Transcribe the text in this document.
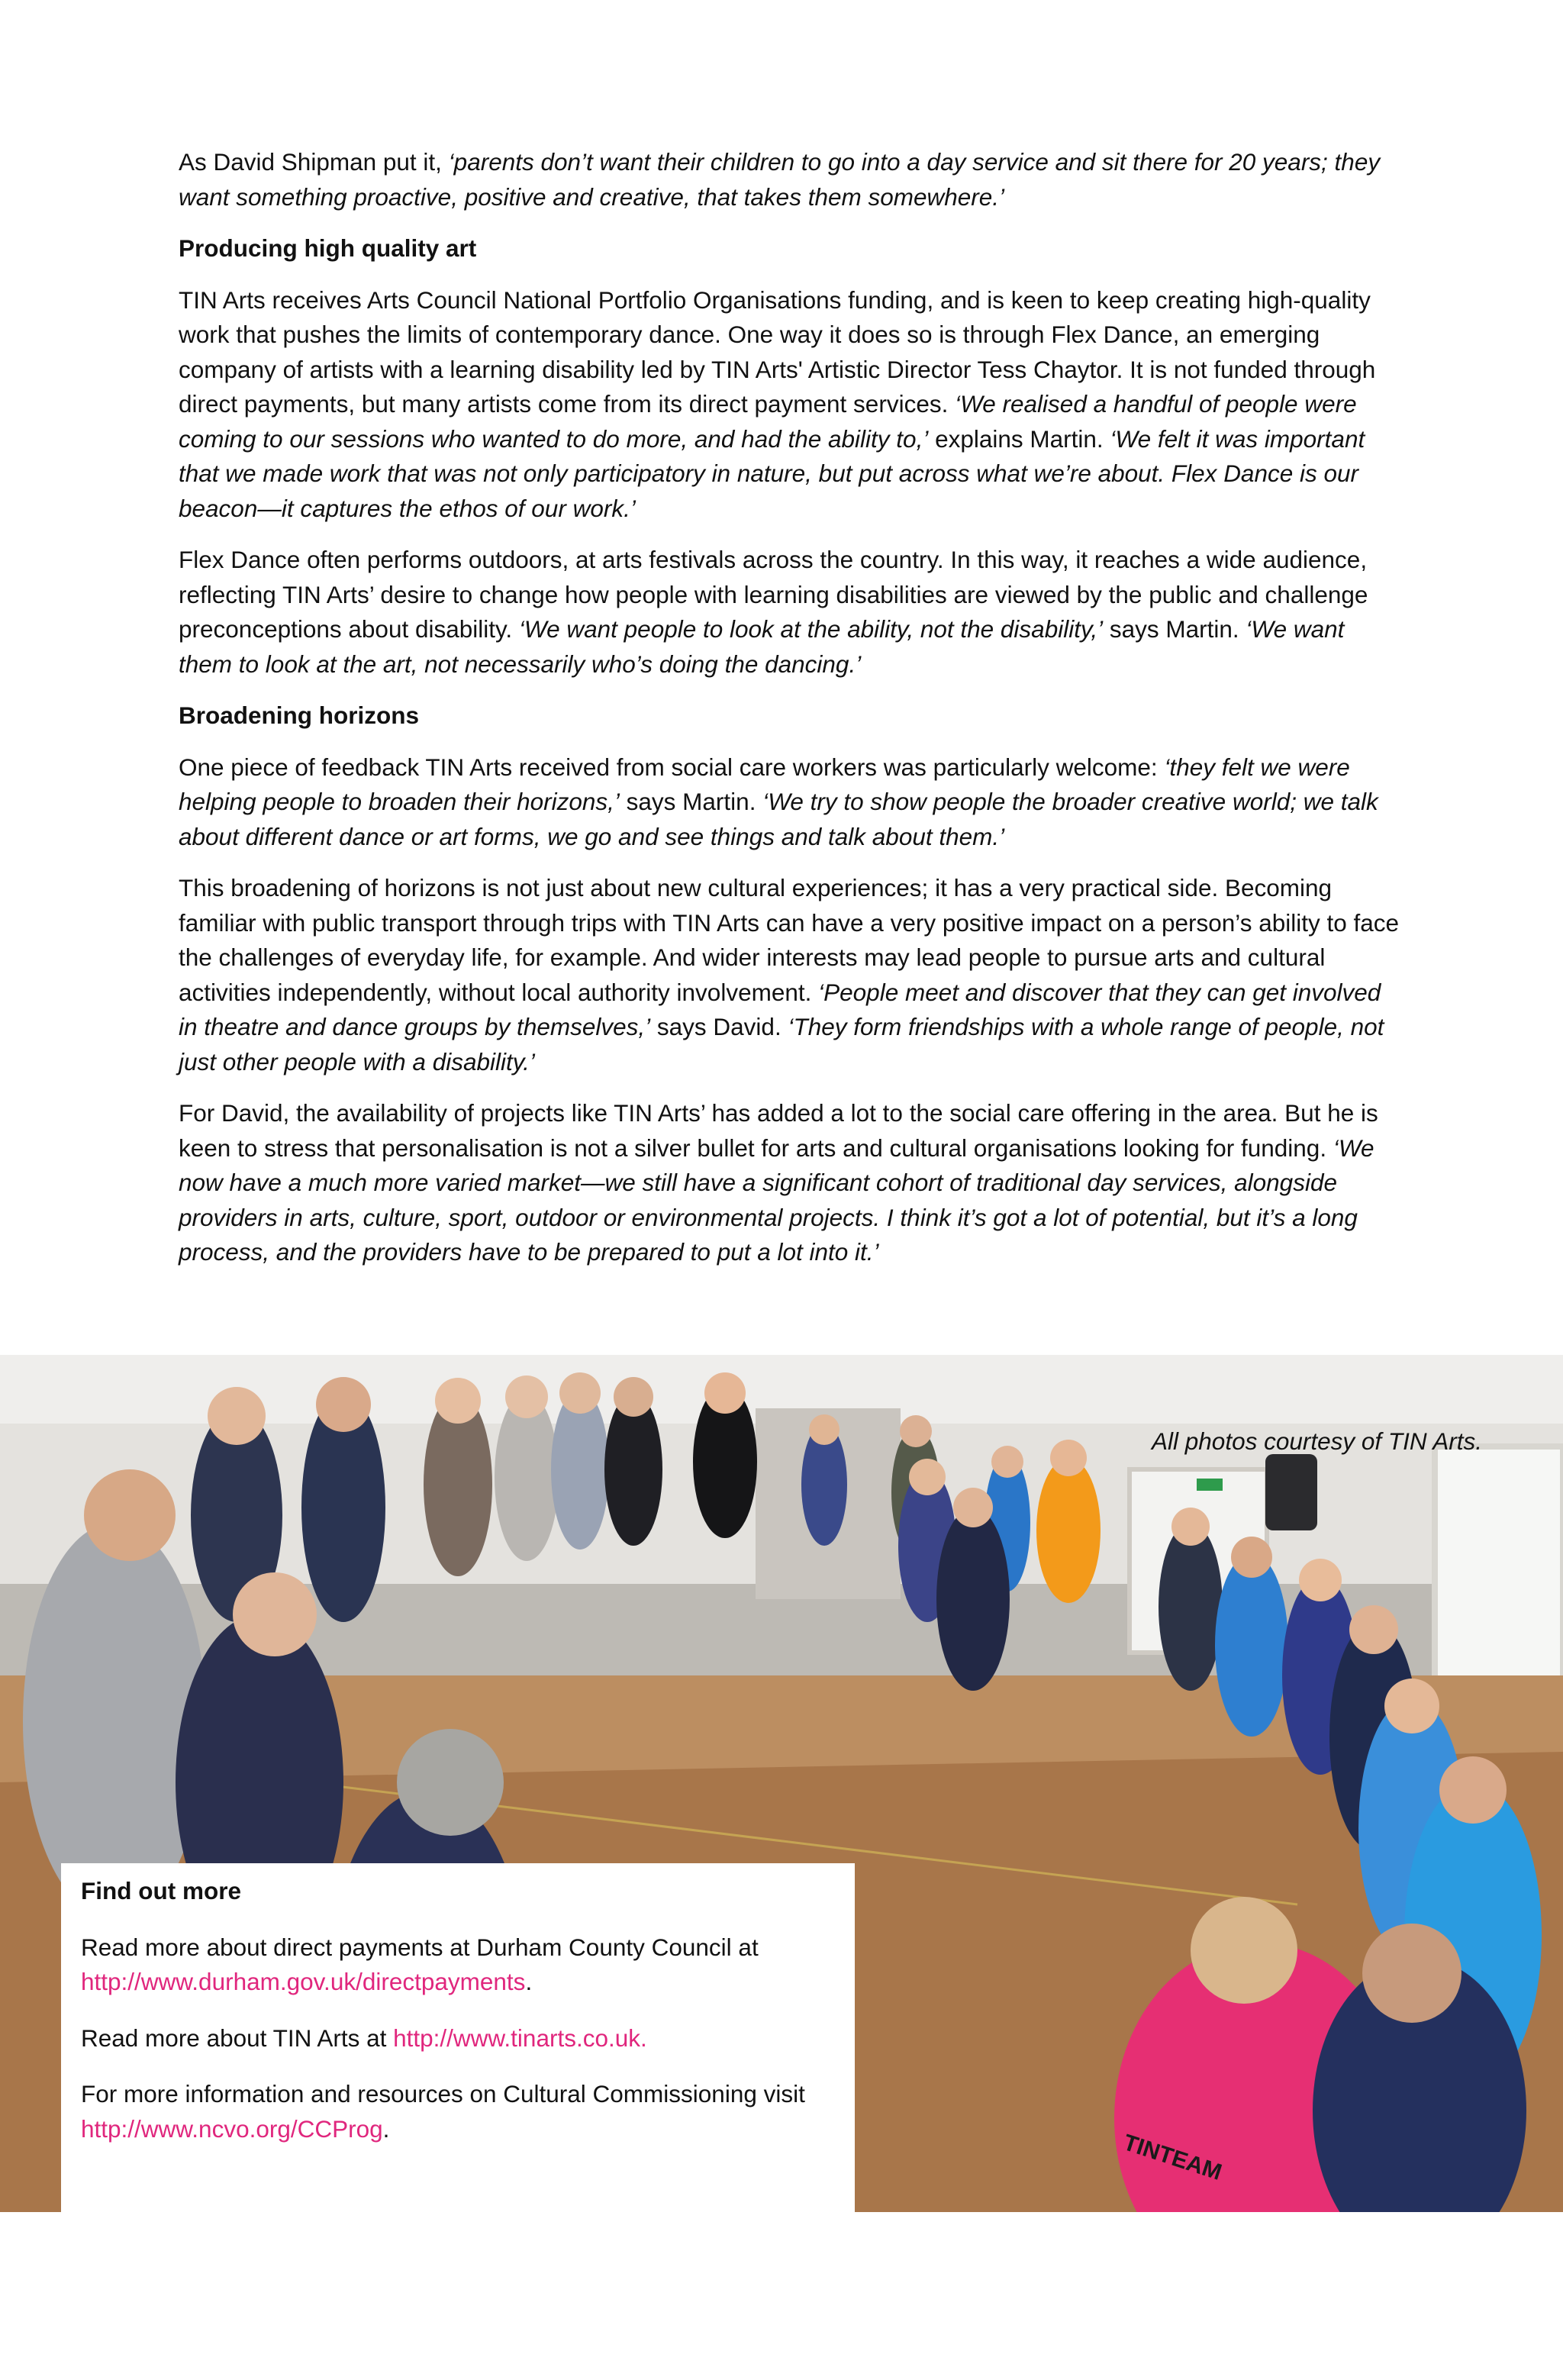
As David Shipman put it, ‘parents don’t want their children to go into a day service and sit there for 20 years; they want something proactive, positive and creative, that takes them somewhere.’

Producing high quality art

TIN Arts receives Arts Council National Portfolio Organisations funding, and is keen to keep creating high-quality work that pushes the limits of contemporary dance. One way it does so is through Flex Dance, an emerging company of artists with a learning disability led by TIN Arts' Artistic Director Tess Chaytor. It is not funded through direct payments, but many artists come from its direct payment services. ‘We realised a handful of people were coming to our sessions who wanted to do more, and had the ability to,’ explains Martin. ‘We felt it was important that we made work that was not only participatory in nature, but put across what we’re about. Flex Dance is our beacon—it captures the ethos of our work.’

Flex Dance often performs outdoors, at arts festivals across the country. In this way, it reaches a wide audience, reflecting TIN Arts’ desire to change how people with learning disabilities are viewed by the public and challenge preconceptions about disability. ‘We want people to look at the ability, not the disability,’ says Martin. ‘We want them to look at the art, not necessarily who’s doing the dancing.’

Broadening horizons

One piece of feedback TIN Arts received from social care workers was particularly welcome: ‘they felt we were helping people to broaden their horizons,’ says Martin. ‘We try to show people the broader creative world; we talk about different dance or art forms, we go and see things and talk about them.’

This broadening of horizons is not just about new cultural experiences; it has a very practical side. Becoming familiar with public transport through trips with TIN Arts can have a very positive impact on a person’s ability to face the challenges of everyday life, for example. And wider interests may lead people to pursue arts and cultural activities independently, without local authority involvement. ‘People meet and discover that they can get involved in theatre and dance groups by themselves,’ says David. ‘They form friendships with a whole range of people, not just other people with a disability.’

For David, the availability of projects like TIN Arts’ has added a lot to the social care offering in the area. But he is keen to stress that personalisation is not a silver bullet for arts and cultural organisations looking for funding. ‘We now have a much more varied market—we still have a significant cohort of traditional day services, alongside providers in arts, culture, sport, outdoor or environmental projects. I think it’s got a lot of potential, but it’s a long process, and the providers have to be prepared to put a lot into it.’

TINTEAM
All photos courtesy of TIN Arts.
Find out more

Read more about direct payments at Durham County Council at http://www.durham.gov.uk/directpayments.

Read more about TIN Arts at http://www.tinarts.co.uk.

For more information and resources on Cultural Commissioning visit http://www.ncvo.org/CCProg.
